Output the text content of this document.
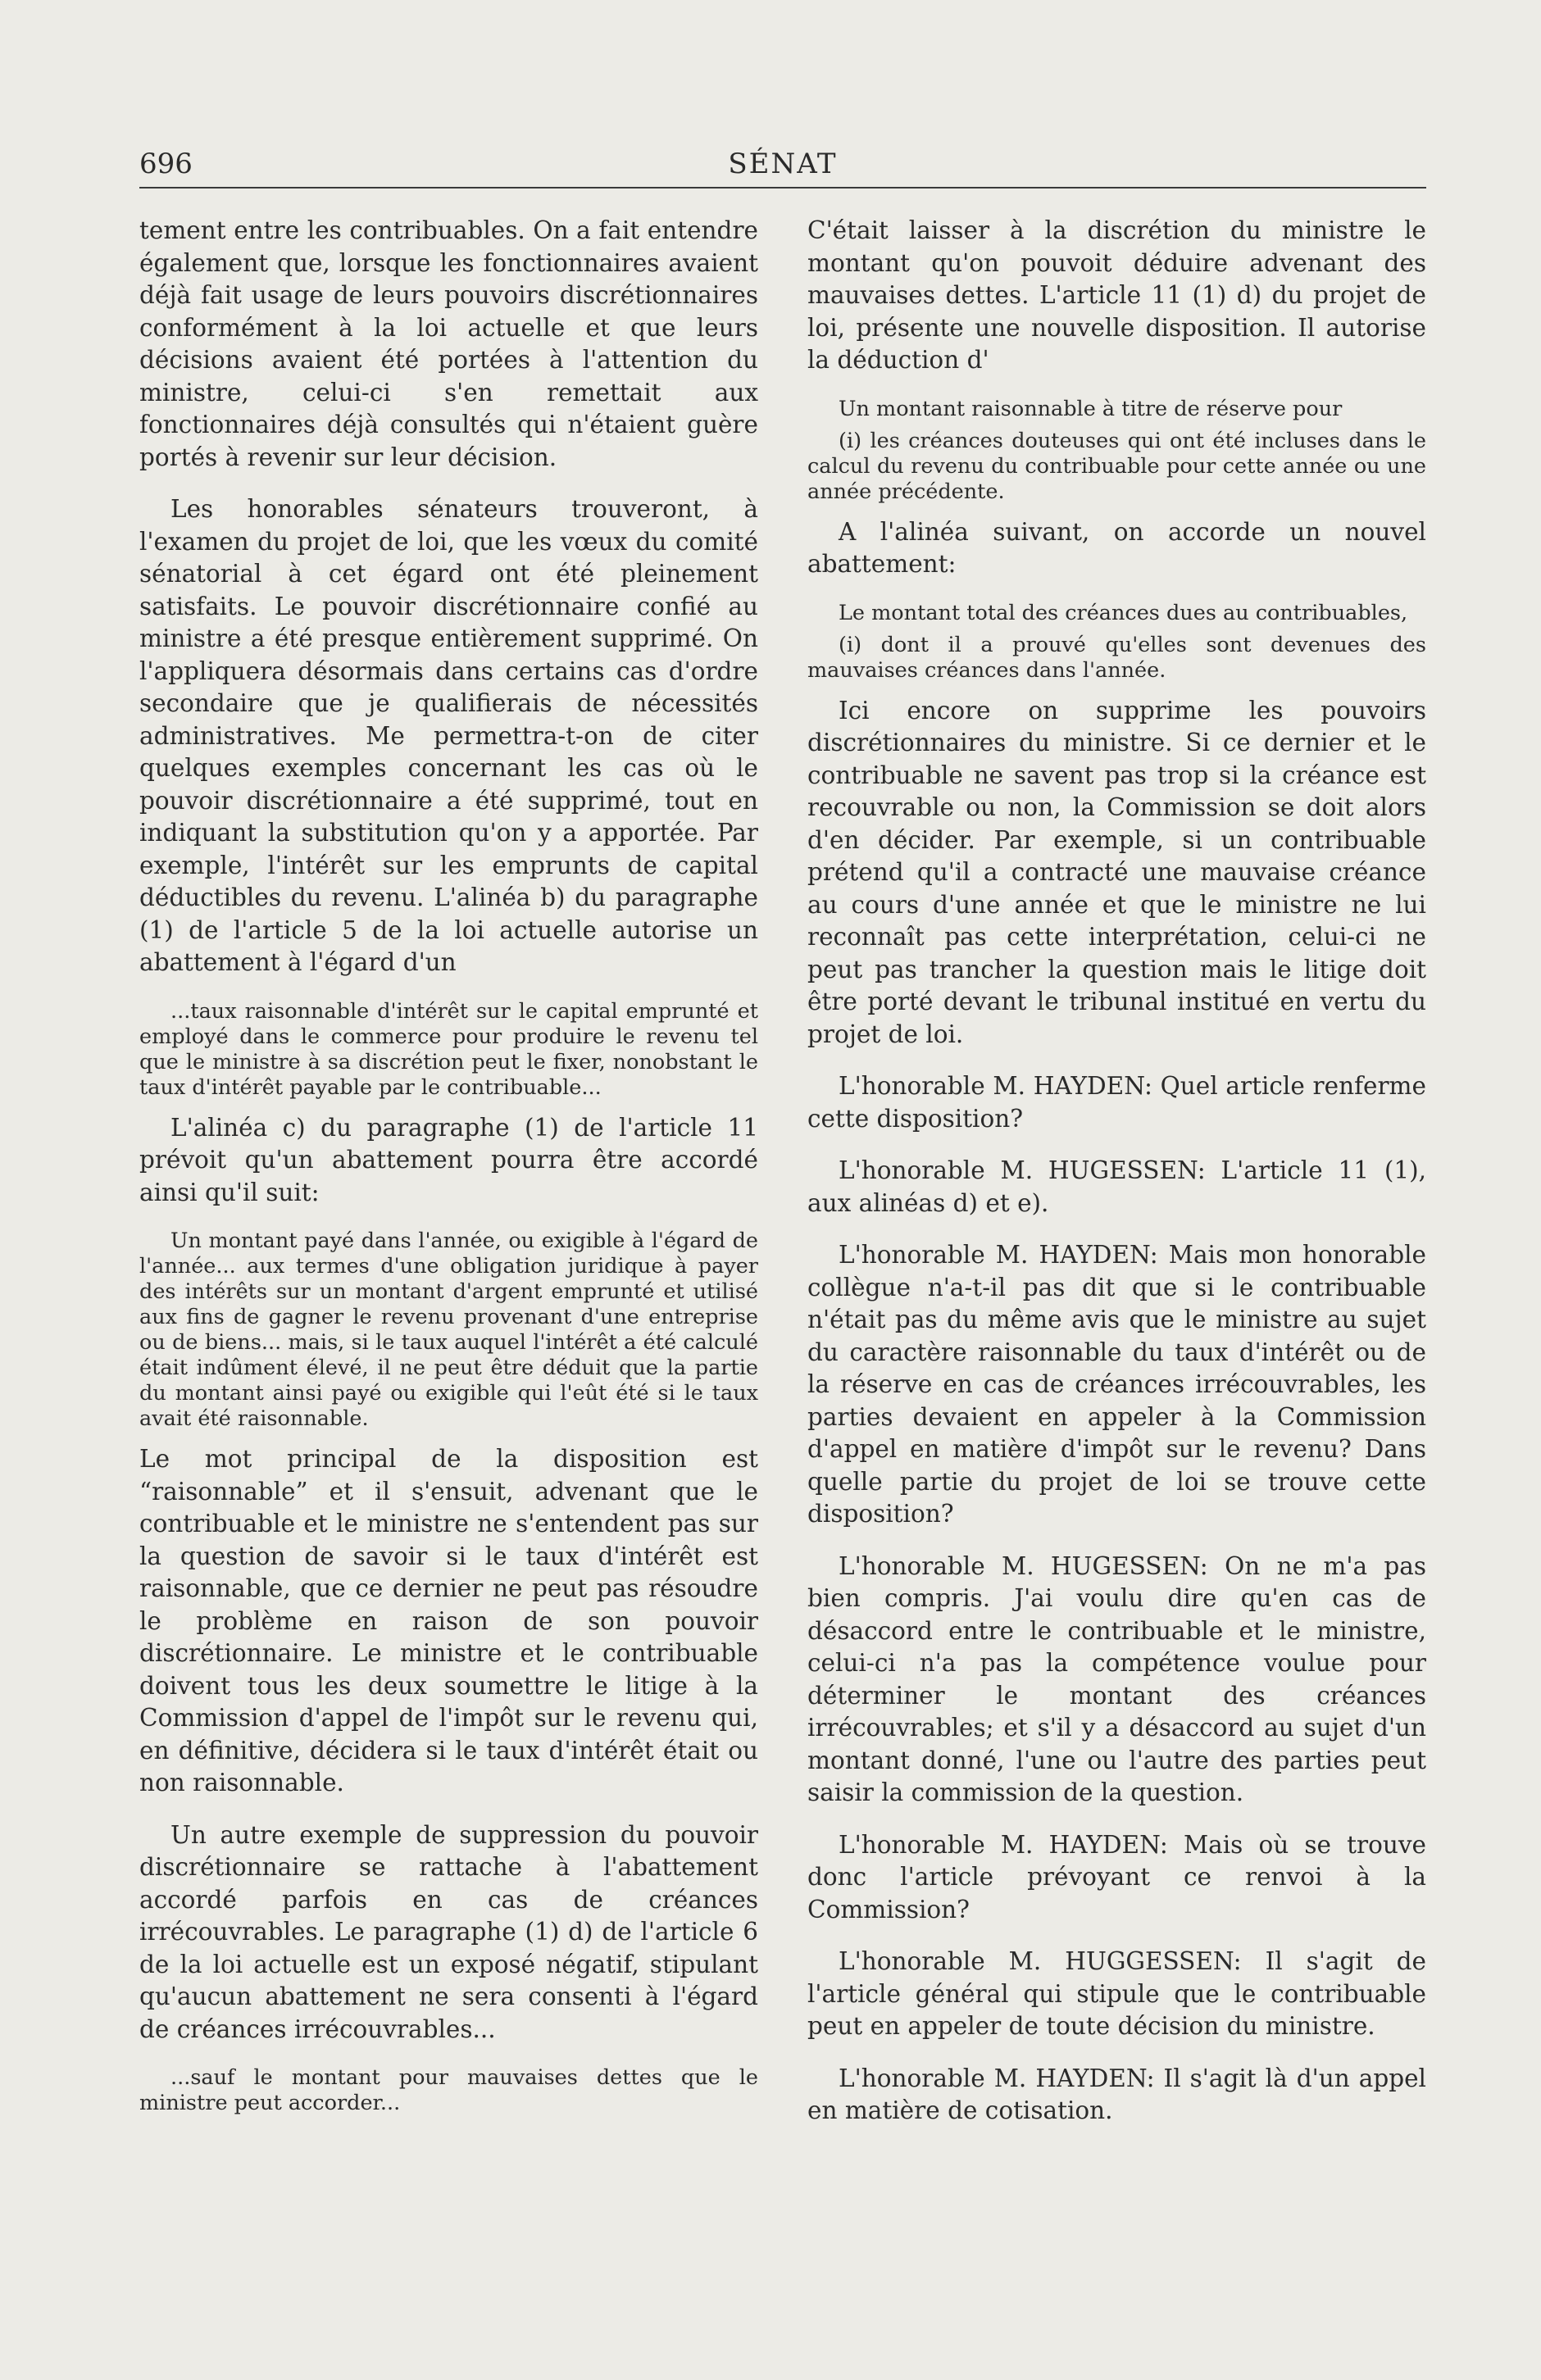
696	SÉNAT

tement entre les contribuables. On a fait entendre également que, lorsque les fonctionnaires avaient déjà fait usage de leurs pouvoirs discrétionnaires conformément à la loi actuelle et que leurs décisions avaient été portées à l'attention du ministre, celui-ci s'en remettait aux fonctionnaires déjà consultés qui n'étaient guère portés à revenir sur leur décision.

Les honorables sénateurs trouveront, à l'examen du projet de loi, que les vœux du comité sénatorial à cet égard ont été pleinement satisfaits. Le pouvoir discrétionnaire confié au ministre a été presque entièrement supprimé. On l'appliquera désormais dans certains cas d'ordre secondaire que je qualifierais de nécessités administratives. Me permettra-t-on de citer quelques exemples concernant les cas où le pouvoir discrétionnaire a été supprimé, tout en indiquant la substitution qu'on y a apportée. Par exemple, l'intérêt sur les emprunts de capital déductibles du revenu. L'alinéa b) du paragraphe (1) de l'article 5 de la loi actuelle autorise un abattement à l'égard d'un

...taux raisonnable d'intérêt sur le capital emprunté et employé dans le commerce pour produire le revenu tel que le ministre à sa discrétion peut le fixer, nonobstant le taux d'intérêt payable par le contribuable...

L'alinéa c) du paragraphe (1) de l'article 11 prévoit qu'un abattement pourra être accordé ainsi qu'il suit:

Un montant payé dans l'année, ou exigible à l'égard de l'année... aux termes d'une obligation juridique à payer des intérêts sur un montant d'argent emprunté et utilisé aux fins de gagner le revenu provenant d'une entreprise ou de biens... mais, si le taux auquel l'intérêt a été calculé était indûment élevé, il ne peut être déduit que la partie du montant ainsi payé ou exigible qui l'eût été si le taux avait été raisonnable.

Le mot principal de la disposition est “raisonnable” et il s'ensuit, advenant que le contribuable et le ministre ne s'entendent pas sur la question de savoir si le taux d'intérêt est raisonnable, que ce dernier ne peut pas résoudre le problème en raison de son pouvoir discrétionnaire. Le ministre et le contribuable doivent tous les deux soumettre le litige à la Commission d'appel de l'impôt sur le revenu qui, en définitive, décidera si le taux d'intérêt était ou non raisonnable.

Un autre exemple de suppression du pouvoir discrétionnaire se rattache à l'abattement accordé parfois en cas de créances irrécouvrables. Le paragraphe (1) d) de l'article 6 de la loi actuelle est un exposé négatif, stipulant qu'aucun abattement ne sera consenti à l'égard de créances irrécouvrables...

...sauf le montant pour mauvaises dettes que le ministre peut accorder...

C'était laisser à la discrétion du ministre le montant qu'on pouvoit déduire advenant des mauvaises dettes. L'article 11 (1) d) du projet de loi, présente une nouvelle disposition. Il autorise la déduction d'

Un montant raisonnable à titre de réserve pour

(i) les créances douteuses qui ont été incluses dans le calcul du revenu du contribuable pour cette année ou une année précédente.

A l'alinéa suivant, on accorde un nouvel abattement:

Le montant total des créances dues au contribuables,

(i) dont il a prouvé qu'elles sont devenues des mauvaises créances dans l'année.

Ici encore on supprime les pouvoirs discrétionnaires du ministre. Si ce dernier et le contribuable ne savent pas trop si la créance est recouvrable ou non, la Commission se doit alors d'en décider. Par exemple, si un contribuable prétend qu'il a contracté une mauvaise créance au cours d'une année et que le ministre ne lui reconnaît pas cette interprétation, celui-ci ne peut pas trancher la question mais le litige doit être porté devant le tribunal institué en vertu du projet de loi.

L'honorable M. HAYDEN: Quel article renferme cette disposition?

L'honorable M. HUGESSEN: L'article 11 (1), aux alinéas d) et e).

L'honorable M. HAYDEN: Mais mon honorable collègue n'a-t-il pas dit que si le contribuable n'était pas du même avis que le ministre au sujet du caractère raisonnable du taux d'intérêt ou de la réserve en cas de créances irrécouvrables, les parties devaient en appeler à la Commission d'appel en matière d'impôt sur le revenu? Dans quelle partie du projet de loi se trouve cette disposition?

L'honorable M. HUGESSEN: On ne m'a pas bien compris. J'ai voulu dire qu'en cas de désaccord entre le contribuable et le ministre, celui-ci n'a pas la compétence voulue pour déterminer le montant des créances irrécouvrables; et s'il y a désaccord au sujet d'un montant donné, l'une ou l'autre des parties peut saisir la commission de la question.

L'honorable M. HAYDEN: Mais où se trouve donc l'article prévoyant ce renvoi à la Commission?

L'honorable M. HUGGESSEN: Il s'agit de l'article général qui stipule que le contribuable peut en appeler de toute décision du ministre.

L'honorable M. HAYDEN: Il s'agit là d'un appel en matière de cotisation.
